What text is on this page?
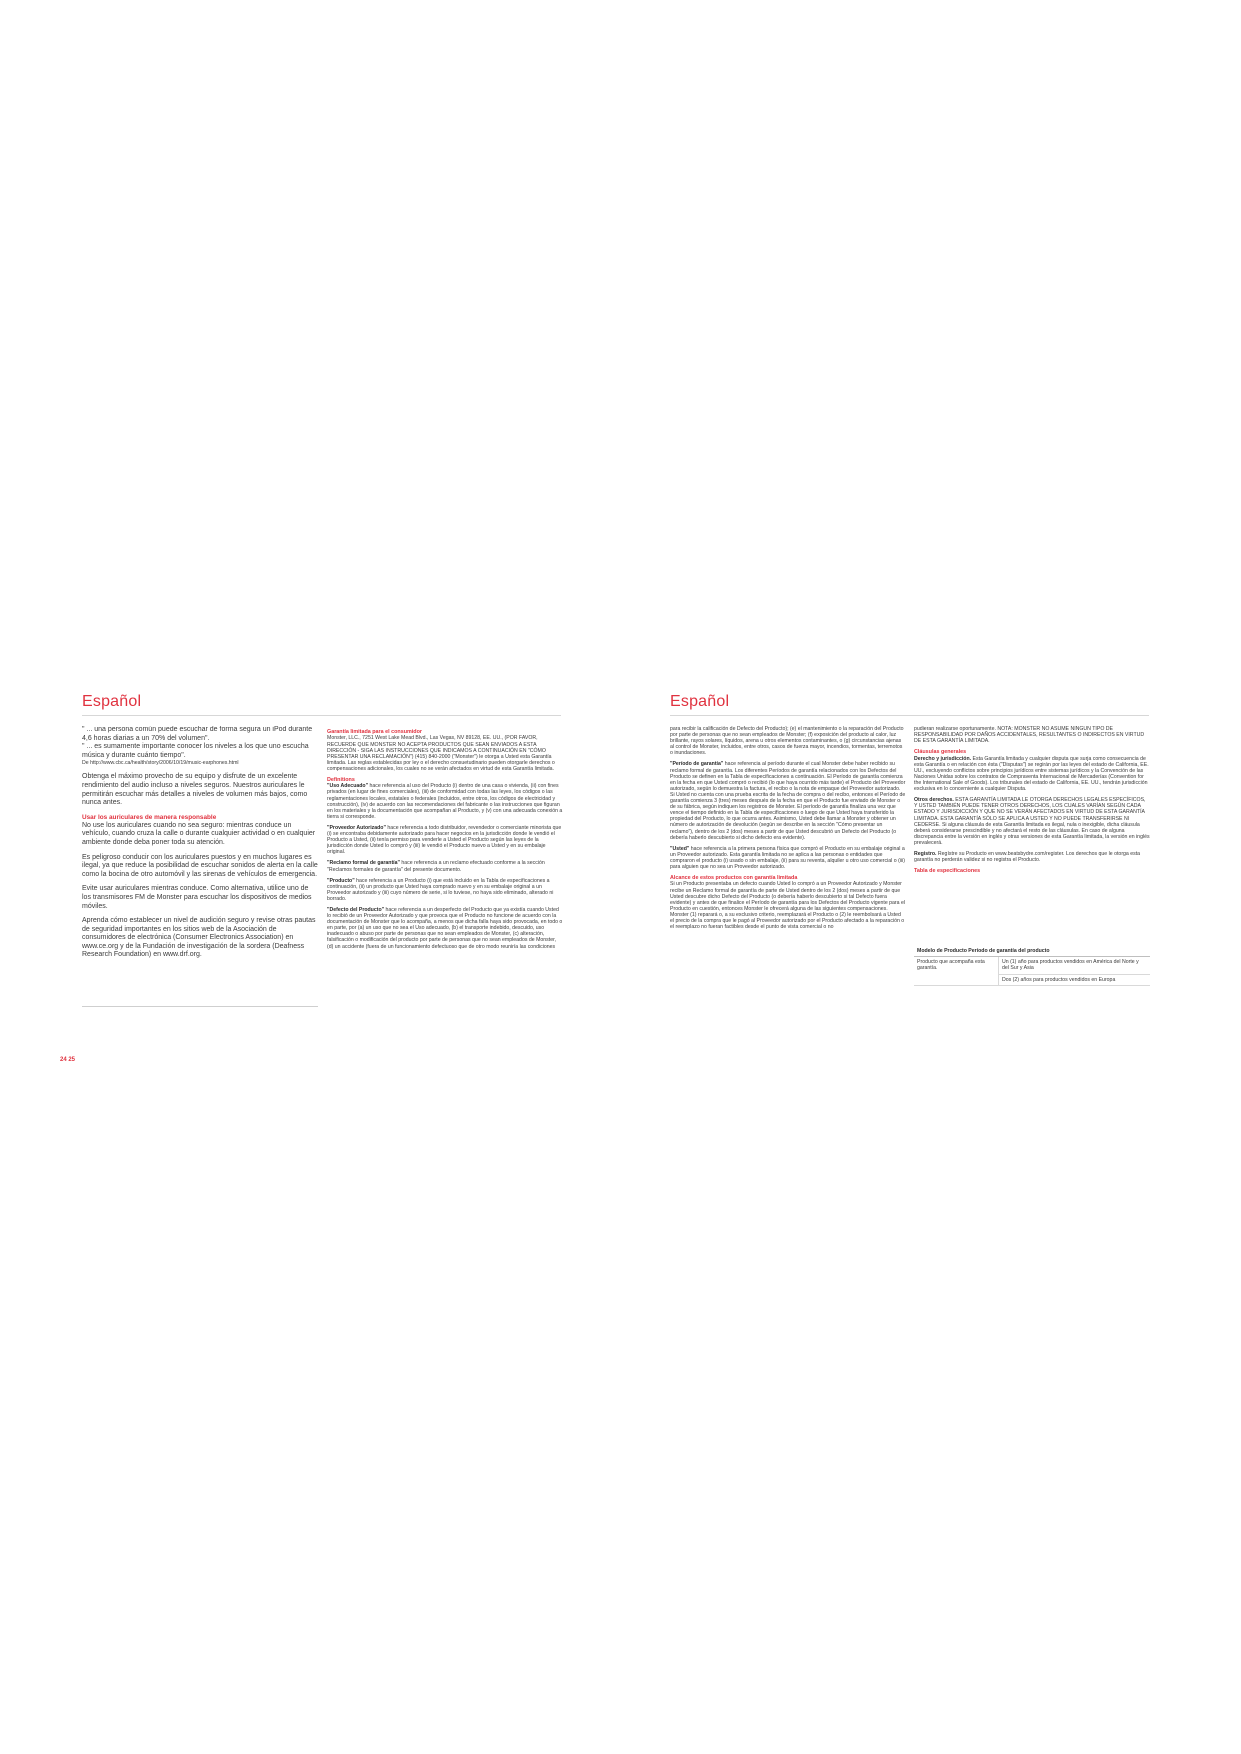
Español

" ... una persona común puede escuchar de forma segura un iPod durante 4,6 horas diarias a un 70% del volumen".

" ... es sumamente importante conocer los niveles a los que uno escucha música y durante cuánto tiempo".

De http://www.cbc.ca/health/story/2006/10/19/music-earphones.html

Obtenga el máximo provecho de su equipo y disfrute de un excelente rendimiento del audio incluso a niveles seguros. Nuestros auriculares le permitirán escuchar más detalles a niveles de volumen más bajos, como nunca antes.

Usar los auriculares de manera responsable

No use los auriculares cuando no sea seguro: mientras conduce un vehículo, cuando cruza la calle o durante cualquier actividad o en cualquier ambiente donde deba poner toda su atención.

Es peligroso conducir con los auriculares puestos y en muchos lugares es ilegal, ya que reduce la posibilidad de escuchar sonidos de alerta en la calle como la bocina de otro automóvil y las sirenas de vehículos de emergencia.

Evite usar auriculares mientras conduce. Como alternativa, utilice uno de los transmisores FM de Monster para escuchar los dispositivos de medios móviles.

Aprenda cómo establecer un nivel de audición seguro y revise otras pautas de seguridad importantes en los sitios web de la Asociación de consumidores de electrónica (Consumer Electronics Association) en www.ce.org y de la Fundación de investigación de la sordera (Deafness Research Foundation) en www.drf.org.

Garantía limitada para el consumidor

Monster, LLC., 7251 West Lake Mead Blvd., Las Vegas, NV 89128, EE. UU., (POR FAVOR, RECUERDE QUE MONSTER NO ACEPTA PRODUCTOS QUE SEAN ENVIADOS A ESTA DIRECCIÓN - SIGA LAS INSTRUCCIONES QUE INDICAMOS A CONTINUACIÓN EN "CÓMO PRESENTAR UNA RECLAMACIÓN") (415) 840-2000 ("Monster") le otorga a Usted esta Garantía limitada. Las reglas establecidas por ley o el derecho consuetudinario pueden otorgarle derechos o compensaciones adicionales, los cuales no se verán afectados en virtud de esta Garantía limitada.

Definitions

"Uso Adecuado" hace referencia al uso del Producto (i) dentro de una casa o vivienda, (ii) con fines privados (en lugar de fines comerciales), (iii) de conformidad con todas las leyes, los códigos o las reglamentaciones locales, estatales o federales (incluidos, entre otros, los códigos de electricidad y construcción), (iv) de acuerdo con las recomendaciones del fabricante o las instrucciones que figuran en los materiales y la documentación que acompañan al Producto, y (v) con una adecuada conexión a tierra si corresponde.

"Proveedor Autorizado" hace referencia a todo distribuidor, revendedor o comerciante minorista que (i) se encontraba debidamente autorizado para hacer negocios en la jurisdicción donde le vendió el Producto a Usted, (ii) tenía permiso para venderle a Usted el Producto según las leyes de la jurisdicción donde Usted lo compró y (iii) le vendió el Producto nuevo a Usted y en su embalaje original.

"Reclamo formal de garantía" hace referencia a un reclamo efectuado conforme a la sección "Reclamos formales de garantía" del presente documento.

"Producto" hace referencia a un Producto (i) que está incluido en la Tabla de especificaciones a continuación, (ii) un producto que Usted haya comprado nuevo y en su embalaje original a un Proveedor autorizado y (iii) cuyo número de serie, si lo tuviese, no haya sido eliminado, alterado ni borrado.

"Defecto del Producto" hace referencia a un desperfecto del Producto que ya existía cuando Usted lo recibió de un Proveedor Autorizado y que provoca que el Producto no funcione de acuerdo con la documentación de Monster que lo acompaña, a menos que dicha falla haya sido provocada, en todo o en parte, por (a) un uso que no sea el Uso adecuado, (b) el transporte indebido, descuido, uso inadecuado o abuso por parte de personas que no sean empleados de Monster, (c) alteración, falsificación o modificación del producto por parte de personas que no sean empleados de Monster, (d) un accidente (fuera de un funcionamiento defectuoso que de otro modo reuniría las condiciones

24 25
Español

para recibir la calificación de Defecto del Producto); (e) el mantenimiento o la reparación del Producto por parte de personas que no sean empleados de Monster; (f) exposición del producto al calor, luz brillante, rayos solares, líquidos, arena u otros elementos contaminantes, o (g) circunstancias ajenas al control de Monster, incluidos, entre otros, casos de fuerza mayor, incendios, tormentas, terremotos o inundaciones.

"Período de garantía" hace referencia al período durante el cual Monster debe haber recibido su reclamo formal de garantía. Los diferentes Períodos de garantía relacionados con los Defectos del Producto se definen en la Tabla de especificaciones a continuación. El Período de garantía comienza en la fecha en que Usted compró o recibió (lo que haya ocurrido más tarde) el Producto del Proveedor autorizado, según lo demuestra la factura, el recibo o la nota de empaque del Proveedor autorizado. Si Usted no cuenta con una prueba escrita de la fecha de compra o del recibo, entonces el Período de garantía comienza 3 (tres) meses después de la fecha en que el Producto fue enviado de Monster o de su fábrica, según indiquen los registros de Monster. El período de garantía finaliza una vez que vence el tiempo definido en la Tabla de especificaciones o luego de que Usted haya transferido la propiedad del Producto, lo que ocurra antes. Asimismo, Usted debe llamar a Monster y obtener un número de autorización de devolución (según se describe en la sección "Cómo presentar un reclamo"), dentro de los 2 (dos) meses a partir de que Usted descubrió un Defecto del Producto (o debería haberlo descubierto si dicho defecto era evidente).

"Usted" hace referencia a la primera persona física que compró el Producto en su embalaje original a un Proveedor autorizado. Esta garantía limitada no se aplica a las personas o entidades que compraron el producto (i) usado o sin embalaje, (ii) para su reventa, alquiler u otro uso comercial o (iii) para alguien que no sea un Proveedor autorizado.

Alcance de estos productos con garantía limitada

Si un Producto presentaba un defecto cuando Usted lo compró a un Proveedor Autorizado y Monster recibe un Reclamo formal de garantía de parte de Usted dentro de los 2 (dos) meses a partir de que Usted descubre dicho Defecto del Producto (o debería haberlo descubierto si tal Defecto fuera evidente) y antes de que finalice el Período de garantía para los Defectos del Producto vigente para el Producto en cuestión, entonces Monster le ofrecerá alguna de las siguientes compensaciones. Monster (1) reparará o, a su exclusivo criterio, reemplazará el Producto o (2) le reembolsará a Usted el precio de la compra que le pagó al Proveedor autorizado por el Producto afectado a la reparación o el reemplazo no fueran factibles desde el punto de vista comercial o no

pudieran realizarse oportunamente. NOTA: MONSTER NO ASUME NINGÚN TIPO DE RESPONSABILIDAD POR DAÑOS ACCIDENTALES, RESULTANTES O INDIRECTOS EN VIRTUD DE ESTA GARANTÍA LIMITADA.

Cláusulas generales

Derecho y jurisdicción. Esta Garantía limitada y cualquier disputa que surja como consecuencia de esta Garantía o en relación con ésta ("Disputas") se regirán por las leyes del estado de California, EE. UU., excluyendo conflictos sobre principios jurídicos entre sistemas jurídicos y la Convención de las Naciones Unidas sobre los contratos de Compraventa Internacional de Mercaderías (Convention for the International Sale of Goods). Los tribunales del estado de California, EE. UU., tendrán jurisdicción exclusiva en lo concerniente a cualquier Disputa.

Otros derechos. ESTA GARANTÍA LIMITADA LE OTORGA DERECHOS LEGALES ESPECÍFICOS, Y USTED TAMBIÉN PUEDE TENER OTROS DERECHOS, LOS CUALES VARÍAN SEGÚN CADA ESTADO Y JURISDICCIÓN Y QUE NO SE VERÁN AFECTADOS EN VIRTUD DE ESTA GARANTÍA LIMITADA. ESTA GARANTÍA SÓLO SE APLICA A USTED Y NO PUEDE TRANSFERIRSE NI CEDERSE. Si alguna cláusula de esta Garantía limitada es ilegal, nula o inexigible, dicha cláusula deberá considerarse prescindible y no afectará el resto de las cláusulas. En caso de alguna discrepancia entre la versión en inglés y otras versiones de esta Garantía limitada, la versión en inglés prevalecerá.

Registro. Regístre su Producto en www.beatsbydre.com/register. Los derechos que le otorga esta garantía no perderán validez si no registra el Producto.

Tabla de especificaciones
Modelo de Producto Período de garantía del producto
Producto que acompaña esta garantía.	Un (1) año para productos vendidos en América del Norte y del Sur y Asia
Dos (2) años para productos vendidos en Europa
